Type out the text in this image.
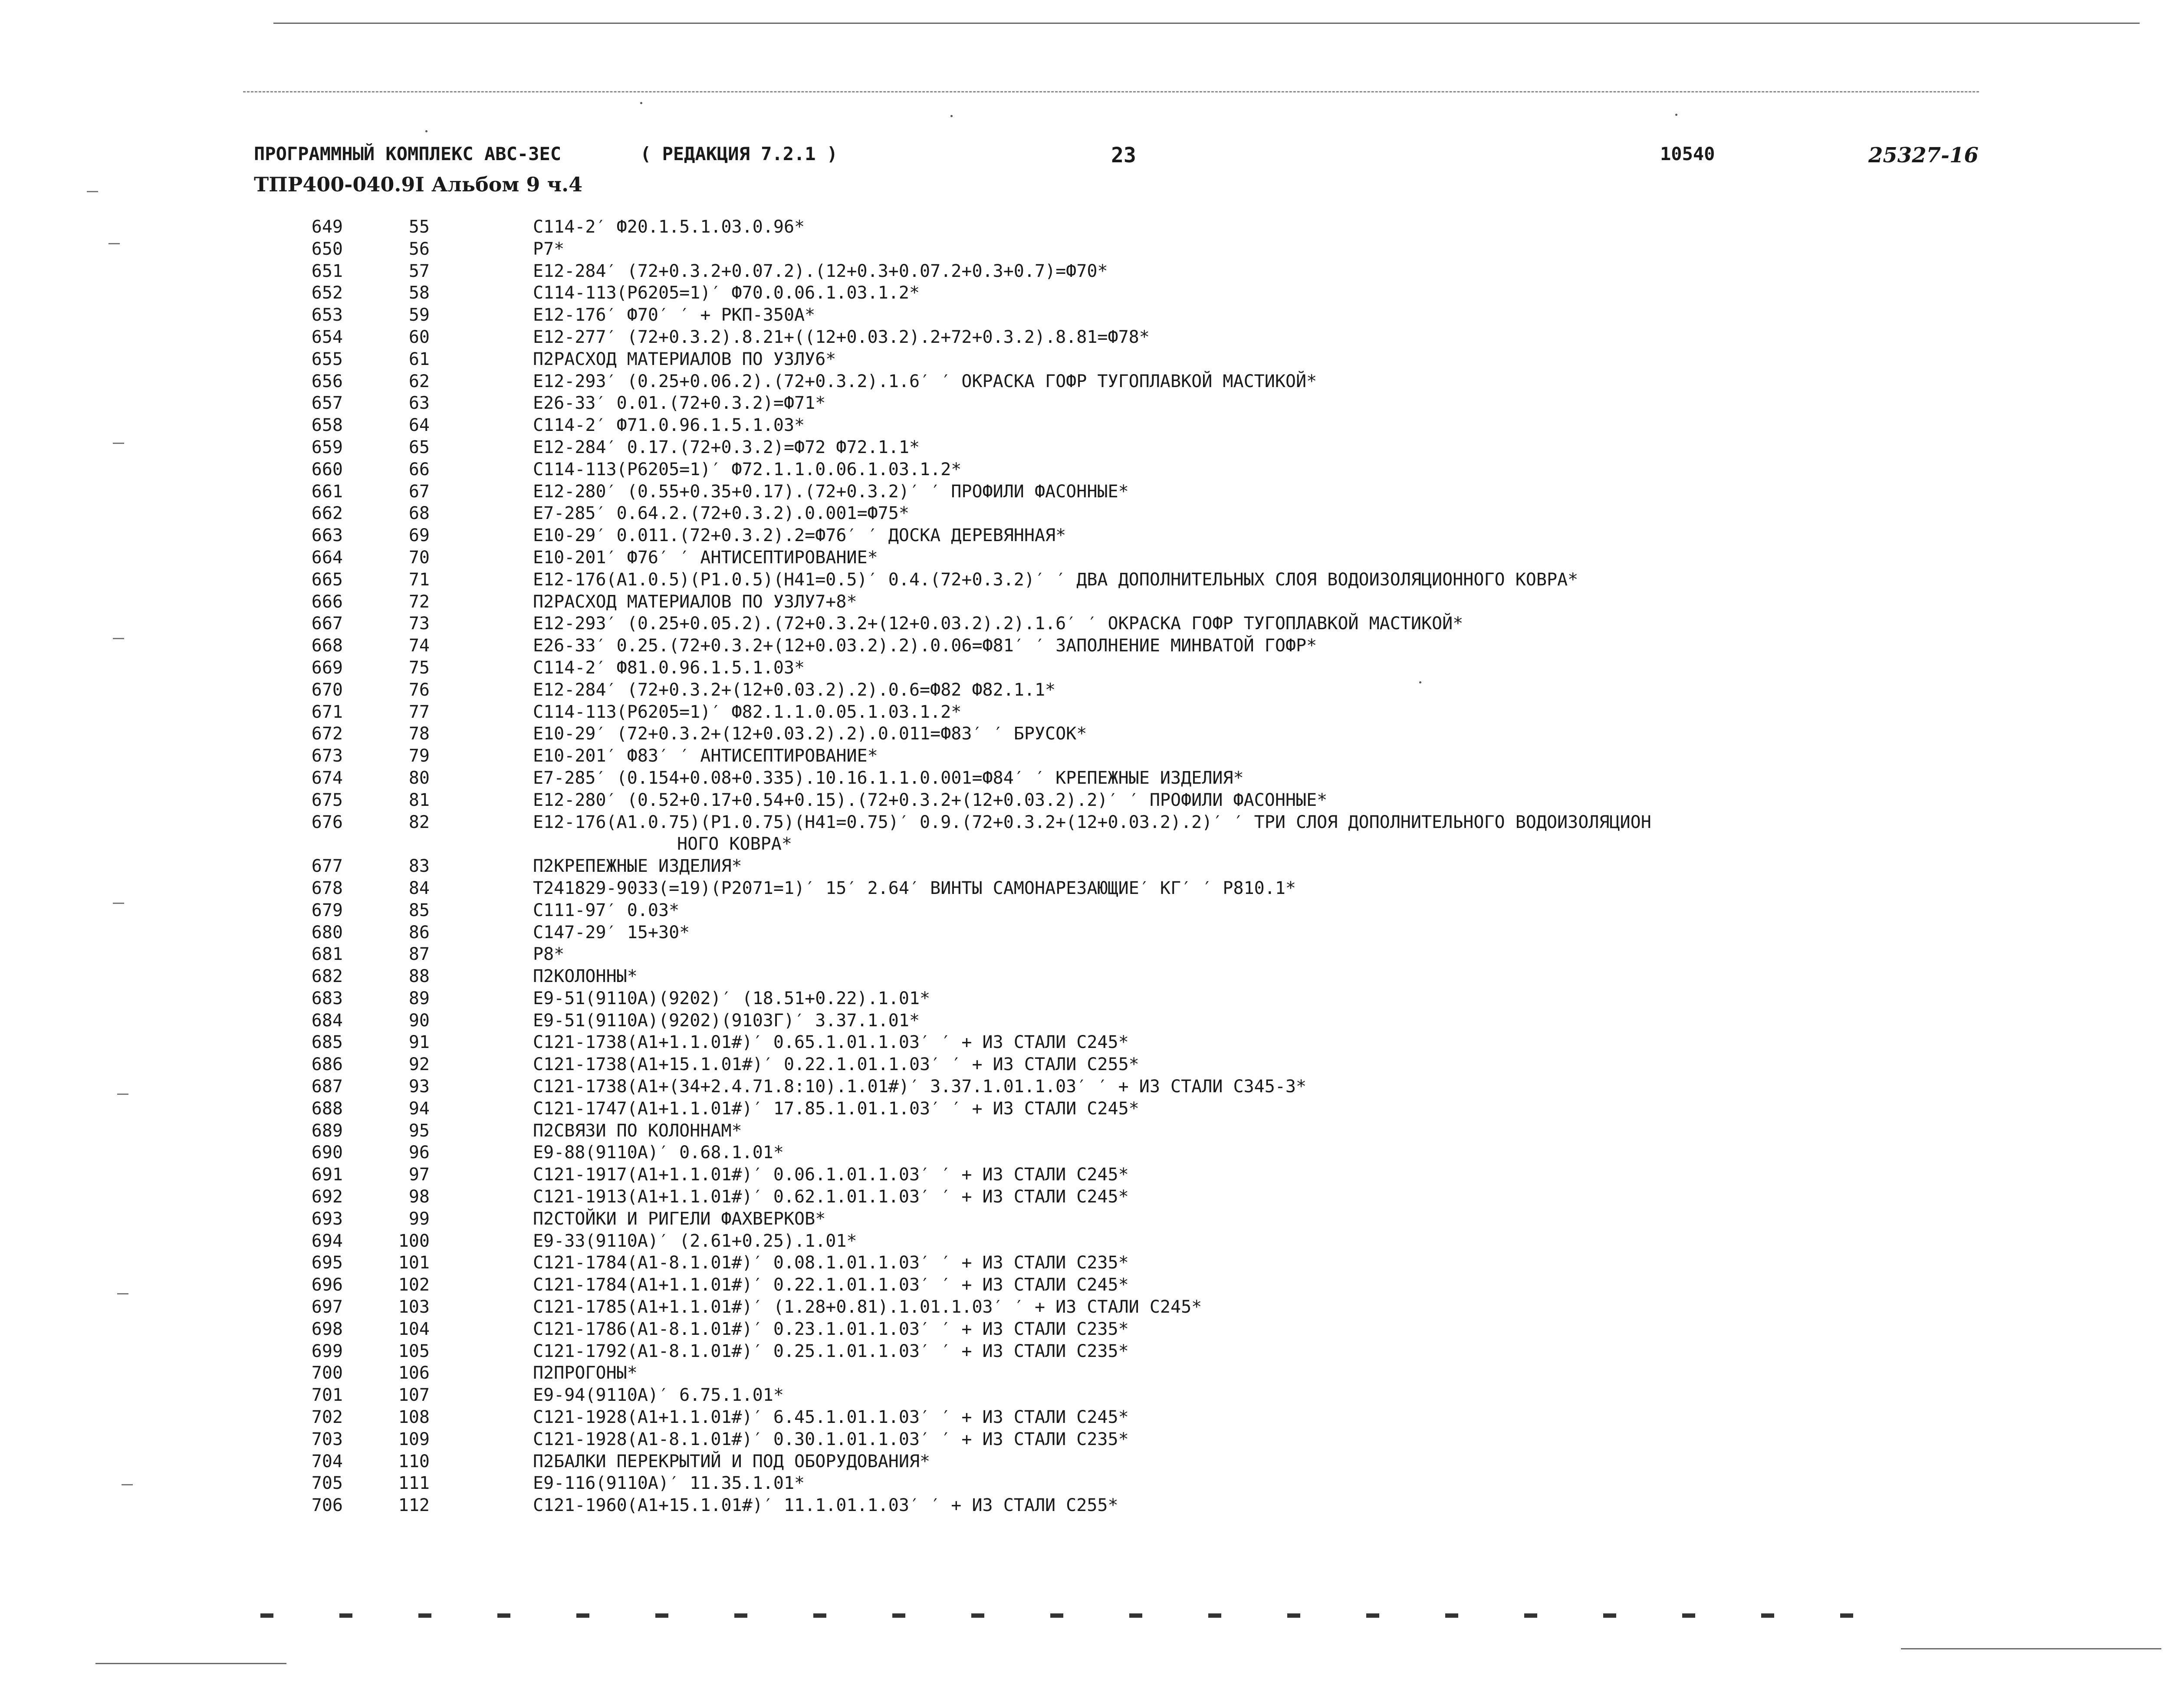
ПРОГРАММНЫЙ КОМПЛЕКС АВС-3ЕС	( РЕДАКЦИЯ 7.2.1 )	23	10540	25327-16
ТПР400-040.9I Альбом 9 ч.4
649	55	С114-2′ Ф20.1.5.1.03.0.96*
650	56	Р7*
651	57	Е12-284′ (72+0.3.2+0.07.2).(12+0.3+0.07.2+0.3+0.7)=Ф70*
652	58	С114-113(Р6205=1)′ Ф70.0.06.1.03.1.2*
653	59	Е12-176′ Ф70′ ′ + РКП-350А*
654	60	Е12-277′ (72+0.3.2).8.21+((12+0.03.2).2+72+0.3.2).8.81=Ф78*
655	61	П2РАСХОД МАТЕРИАЛОВ ПО УЗЛУ6*
656	62	Е12-293′ (0.25+0.06.2).(72+0.3.2).1.6′ ′ ОКРАСКА ГОФР ТУГОПЛАВКОЙ МАСТИКОЙ*
657	63	Е26-33′ 0.01.(72+0.3.2)=Ф71*
658	64	С114-2′ Ф71.0.96.1.5.1.03*
659	65	Е12-284′ 0.17.(72+0.3.2)=Ф72 Ф72.1.1*
660	66	С114-113(Р6205=1)′ Ф72.1.1.0.06.1.03.1.2*
661	67	Е12-280′ (0.55+0.35+0.17).(72+0.3.2)′ ′ ПРОФИЛИ ФАСОННЫЕ*
662	68	Е7-285′ 0.64.2.(72+0.3.2).0.001=Ф75*
663	69	Е10-29′ 0.011.(72+0.3.2).2=Ф76′ ′ ДОСКА ДЕРЕВЯННАЯ*
664	70	Е10-201′ Ф76′ ′ АНТИСЕПТИРОВАНИЕ*
665	71	Е12-176(А1.0.5)(Р1.0.5)(Н41=0.5)′ 0.4.(72+0.3.2)′ ′ ДВА ДОПОЛНИТЕЛЬНЫХ СЛОЯ ВОДОИЗОЛЯЦИОННОГО КОВРА*
666	72	П2РАСХОД МАТЕРИАЛОВ ПО УЗЛУ7+8*
667	73	Е12-293′ (0.25+0.05.2).(72+0.3.2+(12+0.03.2).2).1.6′ ′ ОКРАСКА ГОФР ТУГОПЛАВКОЙ МАСТИКОЙ*
668	74	Е26-33′ 0.25.(72+0.3.2+(12+0.03.2).2).0.06=Ф81′ ′ ЗАПОЛНЕНИЕ МИНВАТОЙ ГОФР*
669	75	С114-2′ Ф81.0.96.1.5.1.03*
670	76	Е12-284′ (72+0.3.2+(12+0.03.2).2).0.6=Ф82 Ф82.1.1*
671	77	С114-113(Р6205=1)′ Ф82.1.1.0.05.1.03.1.2*
672	78	Е10-29′ (72+0.3.2+(12+0.03.2).2).0.011=Ф83′ ′ БРУСОК*
673	79	Е10-201′ Ф83′ ′ АНТИСЕПТИРОВАНИЕ*
674	80	Е7-285′ (0.154+0.08+0.335).10.16.1.1.0.001=Ф84′ ′ КРЕПЕЖНЫЕ ИЗДЕЛИЯ*
675	81	Е12-280′ (0.52+0.17+0.54+0.15).(72+0.3.2+(12+0.03.2).2)′ ′ ПРОФИЛИ ФАСОННЫЕ*
676	82	Е12-176(А1.0.75)(Р1.0.75)(Н41=0.75)′ 0.9.(72+0.3.2+(12+0.03.2).2)′ ′ ТРИ СЛОЯ ДОПОЛНИТЕЛЬНОГО ВОДОИЗОЛЯЦИОН
НОГО КОВРА*
677	83	П2КРЕПЕЖНЫЕ ИЗДЕЛИЯ*
678	84	Т241829-9033(=19)(Р2071=1)′ 15′ 2.64′ ВИНТЫ САМОНАРЕЗАЮЩИЕ′ КГ′ ′ Р810.1*
679	85	С111-97′ 0.03*
680	86	С147-29′ 15+30*
681	87	Р8*
682	88	П2КОЛОННЫ*
683	89	Е9-51(9110А)(9202)′ (18.51+0.22).1.01*
684	90	Е9-51(9110А)(9202)(9103Г)′ 3.37.1.01*
685	91	С121-1738(А1+1.1.01#)′ 0.65.1.01.1.03′ ′ + ИЗ СТАЛИ С245*
686	92	С121-1738(А1+15.1.01#)′ 0.22.1.01.1.03′ ′ + ИЗ СТАЛИ С255*
687	93	С121-1738(А1+(34+2.4.71.8:10).1.01#)′ 3.37.1.01.1.03′ ′ + ИЗ СТАЛИ С345-3*
688	94	С121-1747(А1+1.1.01#)′ 17.85.1.01.1.03′ ′ + ИЗ СТАЛИ С245*
689	95	П2СВЯЗИ ПО КОЛОННАМ*
690	96	Е9-88(9110А)′ 0.68.1.01*
691	97	С121-1917(А1+1.1.01#)′ 0.06.1.01.1.03′ ′ + ИЗ СТАЛИ С245*
692	98	С121-1913(А1+1.1.01#)′ 0.62.1.01.1.03′ ′ + ИЗ СТАЛИ С245*
693	99	П2СТОЙКИ И РИГЕЛИ ФАХВЕРКОВ*
694	100	Е9-33(9110А)′ (2.61+0.25).1.01*
695	101	С121-1784(А1-8.1.01#)′ 0.08.1.01.1.03′ ′ + ИЗ СТАЛИ С235*
696	102	С121-1784(А1+1.1.01#)′ 0.22.1.01.1.03′ ′ + ИЗ СТАЛИ С245*
697	103	С121-1785(А1+1.1.01#)′ (1.28+0.81).1.01.1.03′ ′ + ИЗ СТАЛИ С245*
698	104	С121-1786(А1-8.1.01#)′ 0.23.1.01.1.03′ ′ + ИЗ СТАЛИ С235*
699	105	С121-1792(А1-8.1.01#)′ 0.25.1.01.1.03′ ′ + ИЗ СТАЛИ С235*
700	106	П2ПРОГОНЫ*
701	107	Е9-94(9110А)′ 6.75.1.01*
702	108	С121-1928(А1+1.1.01#)′ 6.45.1.01.1.03′ ′ + ИЗ СТАЛИ С245*
703	109	С121-1928(А1-8.1.01#)′ 0.30.1.01.1.03′ ′ + ИЗ СТАЛИ С235*
704	110	П2БАЛКИ ПЕРЕКРЫТИЙ И ПОД ОБОРУДОВАНИЯ*
705	111	Е9-116(9110А)′ 11.35.1.01*
706	112	С121-1960(А1+15.1.01#)′ 11.1.01.1.03′ ′ + ИЗ СТАЛИ С255*
